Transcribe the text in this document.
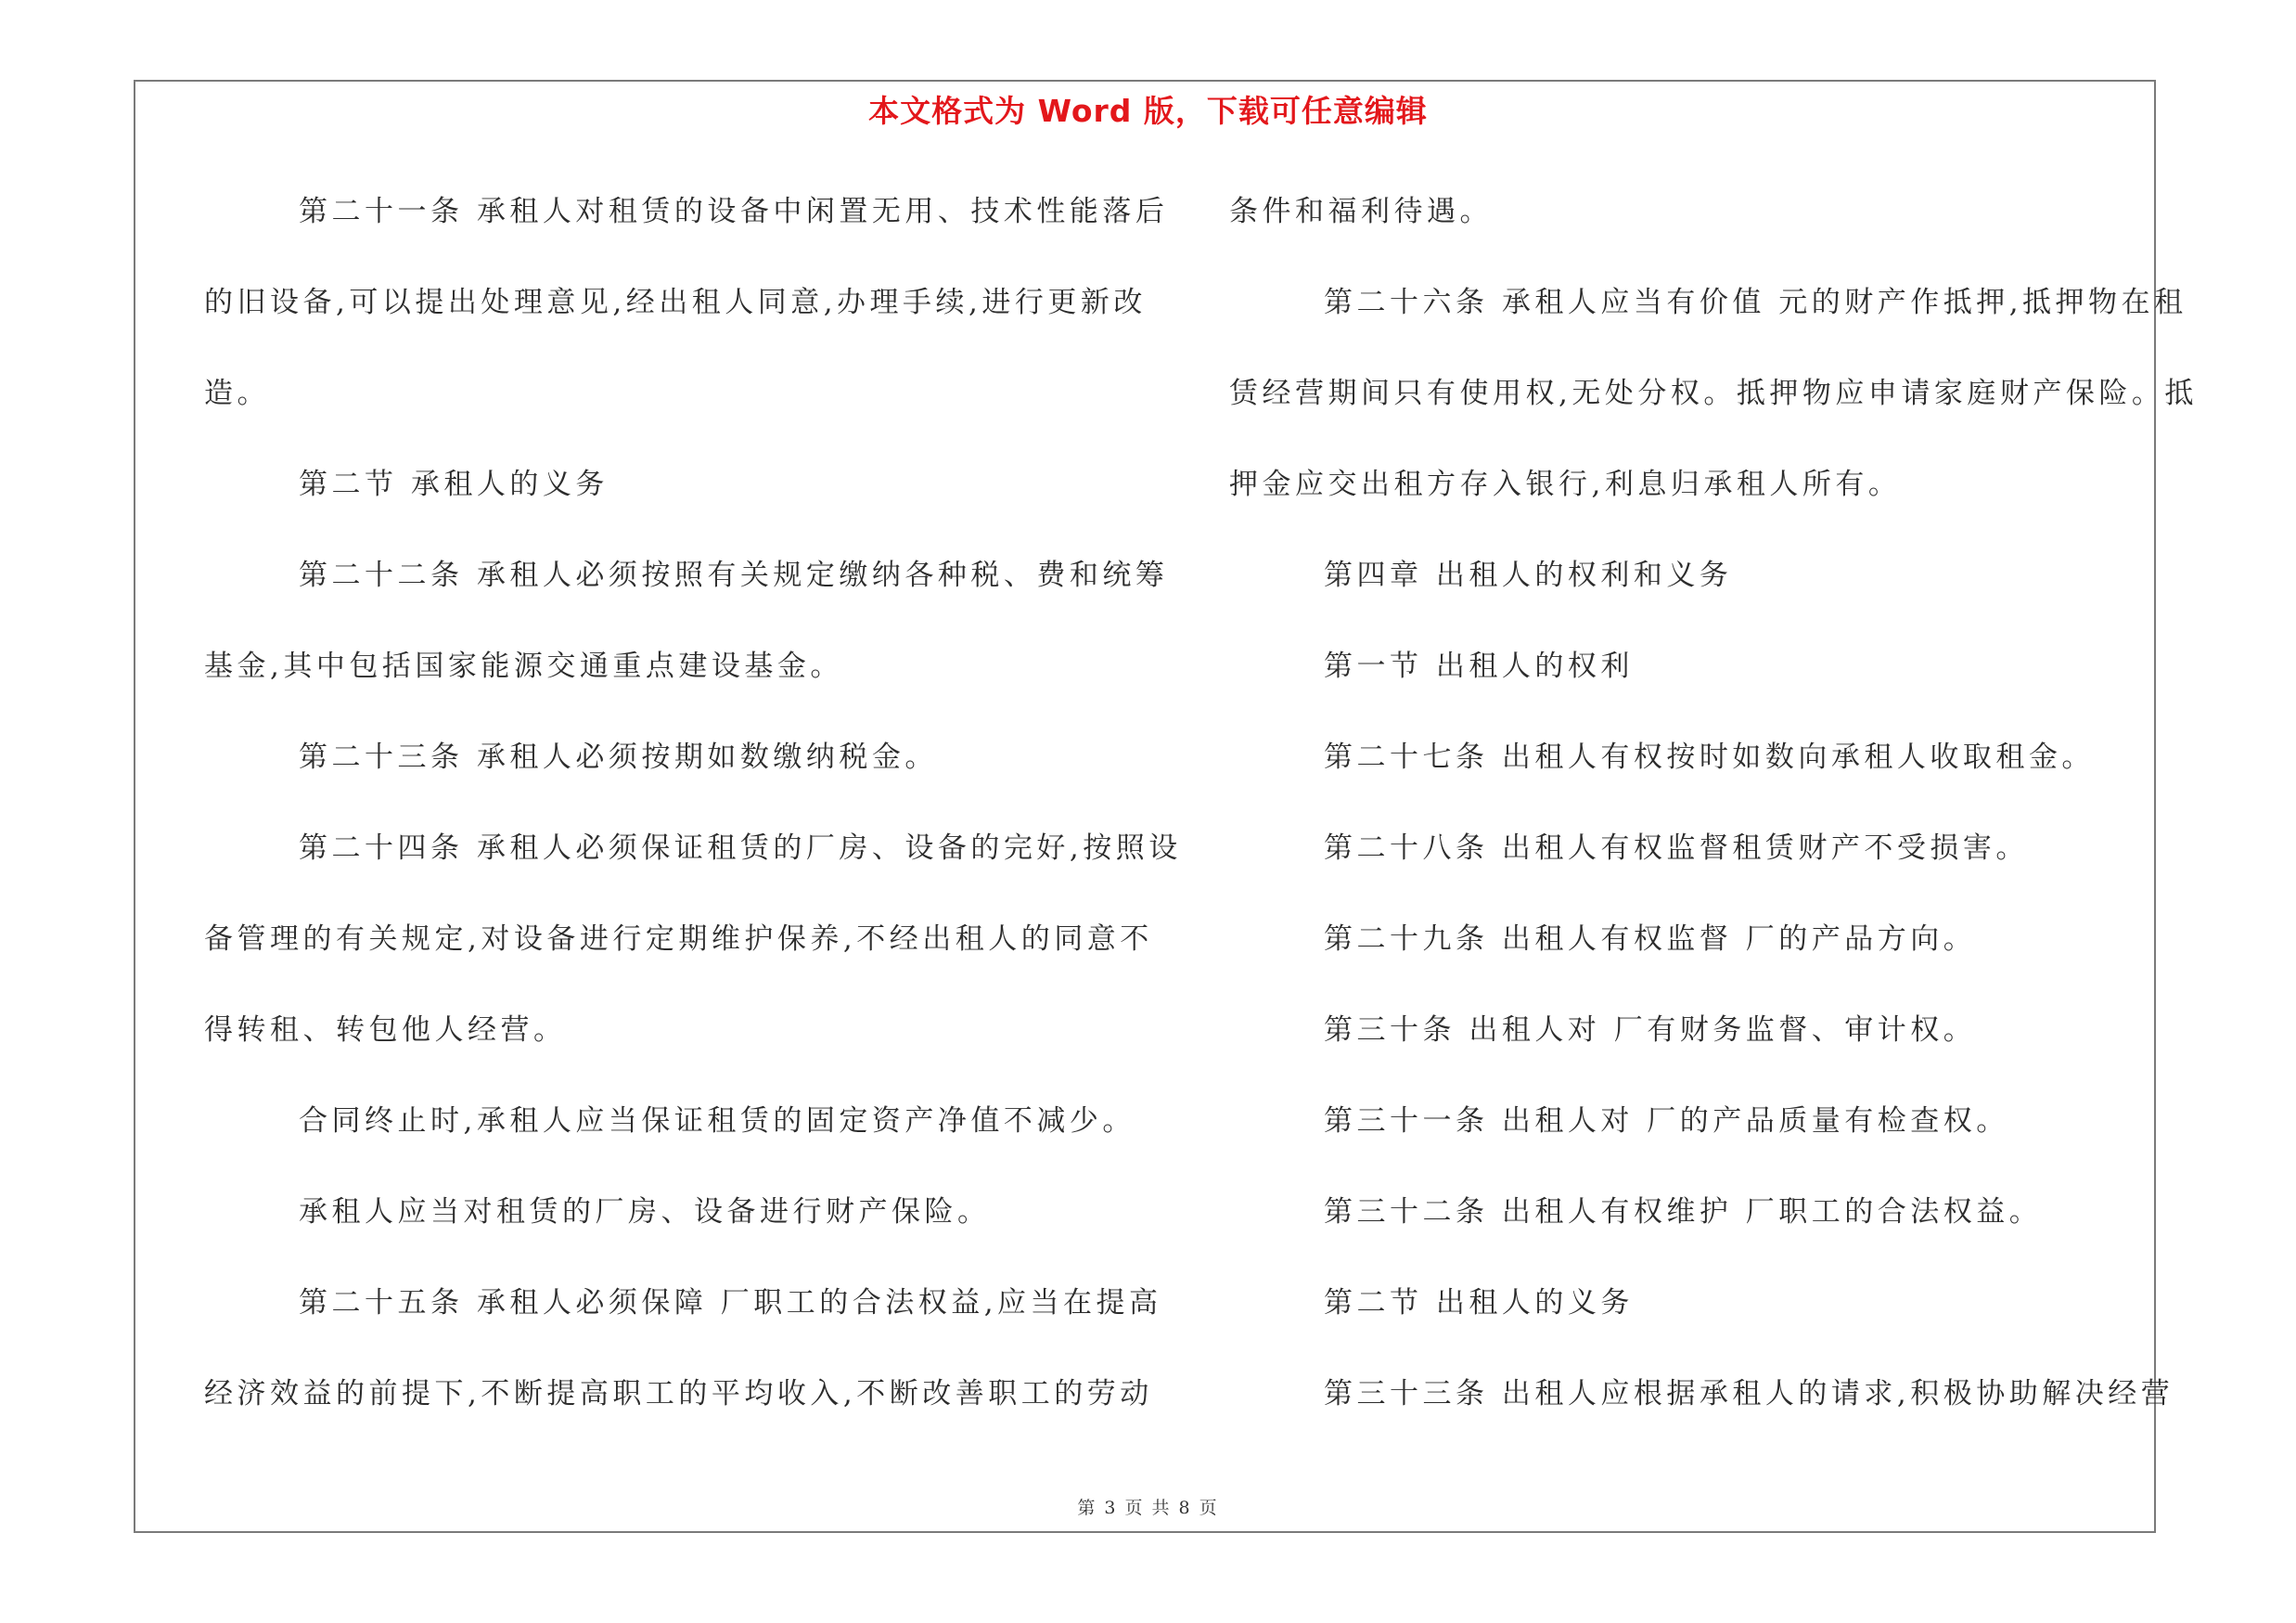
本文格式为 Word 版，下载可任意编辑
第二十一条 承租人对租赁的设备中闲置无用、技术性能落后
的旧设备,可以提出处理意见,经出租人同意,办理手续,进行更新改
造。
第二节 承租人的义务
第二十二条 承租人必须按照有关规定缴纳各种税、费和统筹
基金,其中包括国家能源交通重点建设基金。
第二十三条 承租人必须按期如数缴纳税金。
第二十四条 承租人必须保证租赁的厂房、设备的完好,按照设
备管理的有关规定,对设备进行定期维护保养,不经出租人的同意不
得转租、转包他人经营。
合同终止时,承租人应当保证租赁的固定资产净值不减少。
承租人应当对租赁的厂房、设备进行财产保险。
第二十五条 承租人必须保障 厂职工的合法权益,应当在提高
经济效益的前提下,不断提高职工的平均收入,不断改善职工的劳动
条件和福利待遇。
第二十六条 承租人应当有价值 元的财产作抵押,抵押物在租
赁经营期间只有使用权,无处分权。抵押物应申请家庭财产保险。抵
押金应交出租方存入银行,利息归承租人所有。
第四章 出租人的权利和义务
第一节 出租人的权利
第二十七条 出租人有权按时如数向承租人收取租金。
第二十八条 出租人有权监督租赁财产不受损害。
第二十九条 出租人有权监督 厂的产品方向。
第三十条 出租人对 厂有财务监督、审计权。
第三十一条 出租人对 厂的产品质量有检查权。
第三十二条 出租人有权维护 厂职工的合法权益。
第二节 出租人的义务
第三十三条 出租人应根据承租人的请求,积极协助解决经营
第 3 页 共 8 页
